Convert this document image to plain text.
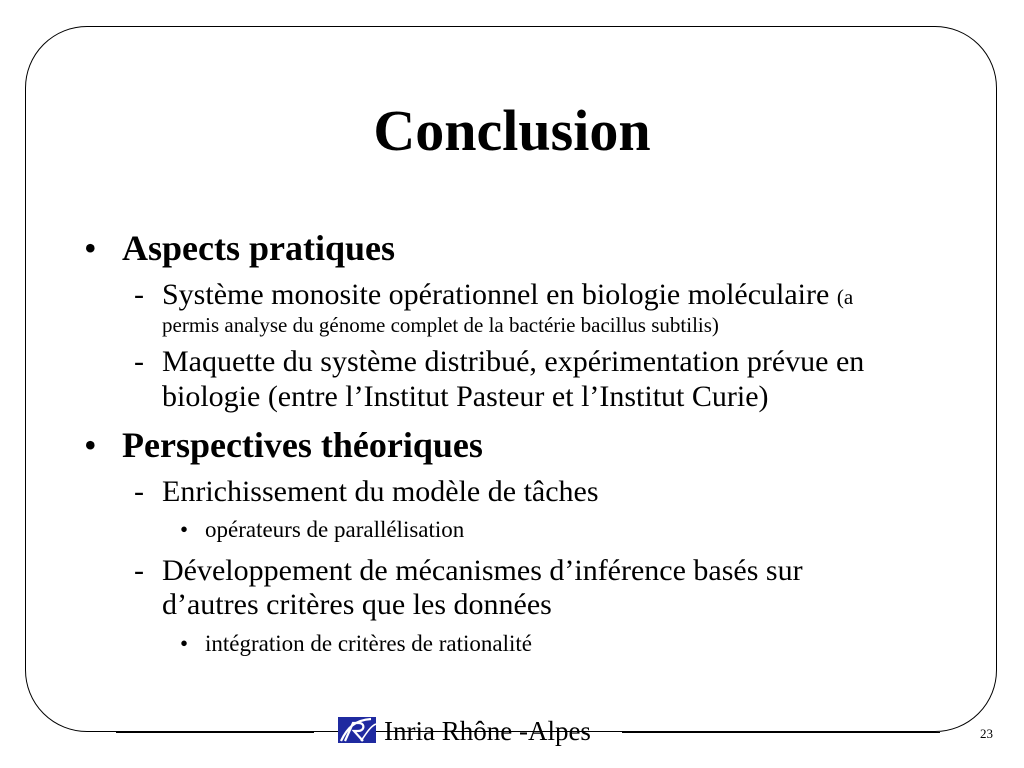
Conclusion
• Aspects pratiques
- Système monosite opérationnel en biologie moléculaire (a
permis analyse du génome complet de la bactérie bacillus subtilis)
- Maquette du système distribué, expérimentation prévue en
biologie (entre l’Institut Pasteur et l’Institut Curie)
• Perspectives théoriques
- Enrichissement du modèle de tâches
• opérateurs de parallélisation
- Développement de mécanismes d’inférence basés sur
d’autres critères que les données
• intégration de critères de rationalité
Inria Rhône -Alpes	23
